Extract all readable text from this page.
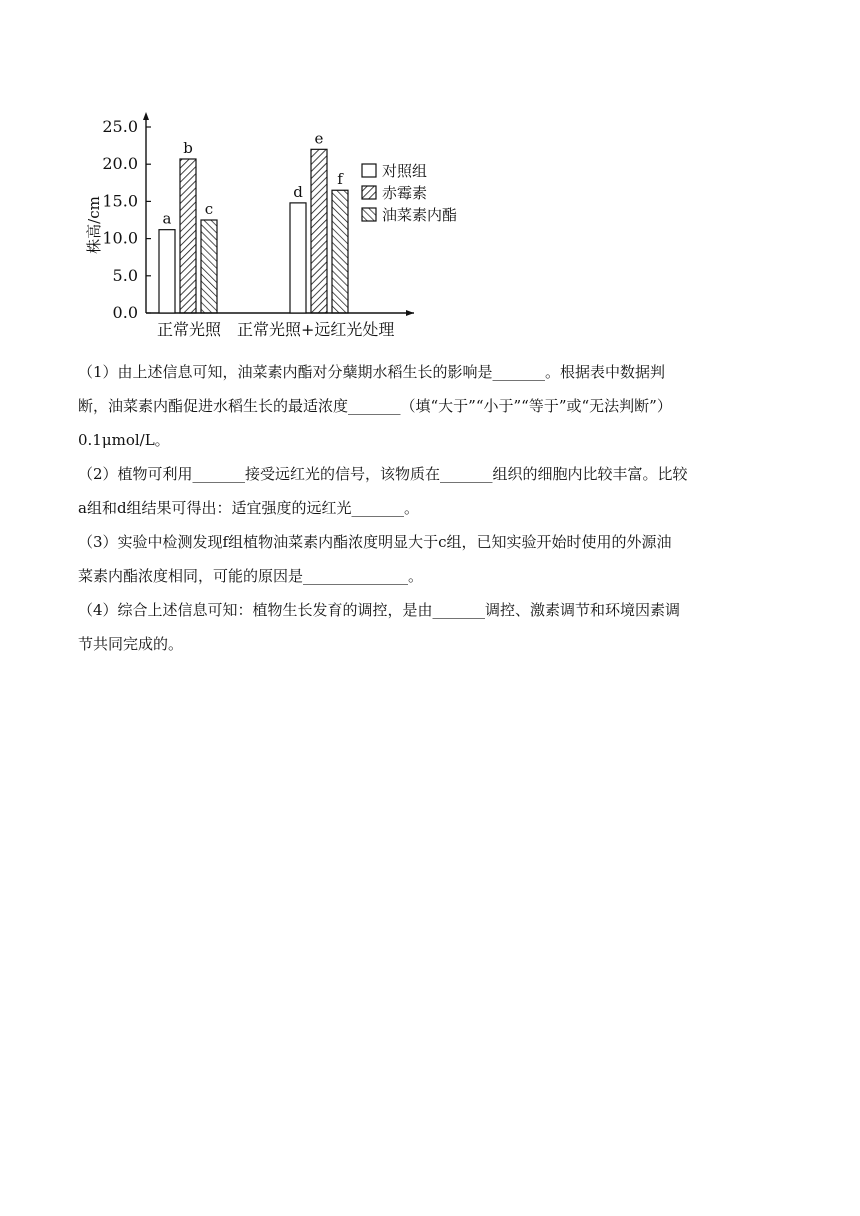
25.0
20.0
15.0
10.0
5.0
0.0
株高/cm
正常光照 正常光照+远红光处理
a
b
c
d
e
f	对照组
赤霉素
油菜素内酯
（1）由上述信息可知，油菜素内酯对分蘖期水稻生长的影响是_______。根据表中数据判
断，油菜素内酯促进水稻生长的最适浓度_______（填“大于”“小于”“等于”或“无法判断”）
0.1μmol/L。
（2）植物可利用_______接受远红光的信号，该物质在_______组织的细胞内比较丰富。比较
a组和d组结果可得出：适宜强度的远红光_______。
（3）实验中检测发现f组植物油菜素内酯浓度明显大于c组，已知实验开始时使用的外源油
菜素内酯浓度相同，可能的原因是______________。
（4）综合上述信息可知：植物生长发育的调控，是由_______调控、激素调节和环境因素调
节共同完成的。
